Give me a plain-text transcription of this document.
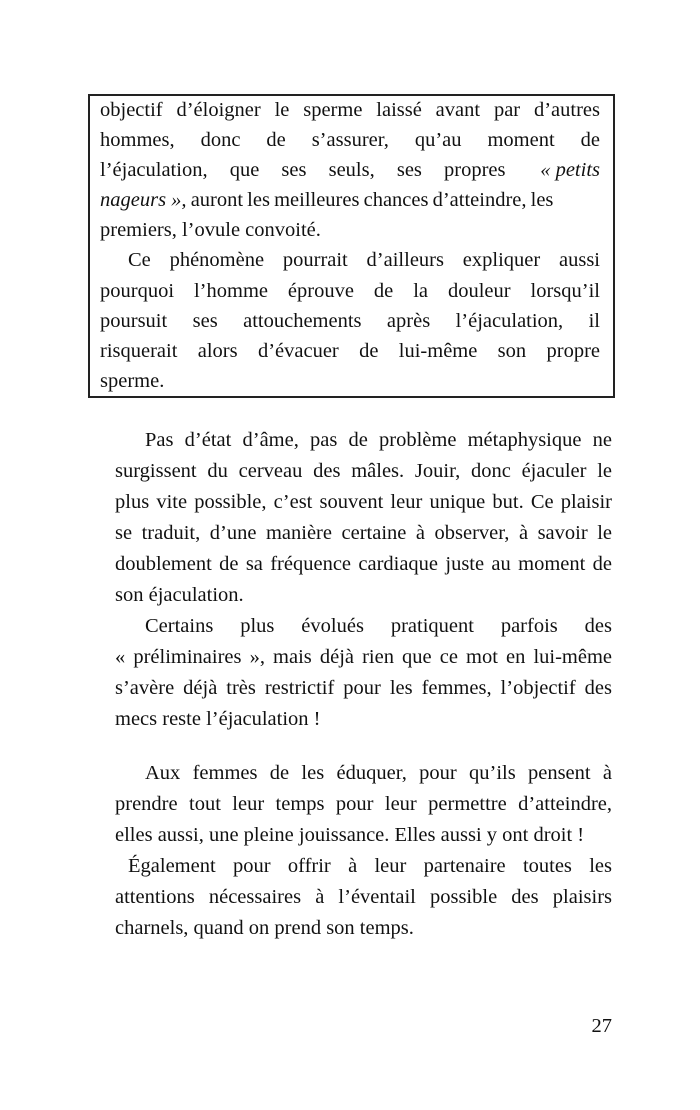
objectif d’éloigner le sperme laissé avant par d’autres
hommes, donc de s’assurer, qu’au moment de
l’éjaculation, que ses seuls, ses propres « petits
nageurs », auront les meilleures chances d’atteindre, les
premiers, l’ovule convoité.
Ce phénomène pourrait d’ailleurs expliquer aussi
pourquoi l’homme éprouve de la douleur lorsqu’il
poursuit ses attouchements après l’éjaculation, il
risquerait alors d’évacuer de lui-même son propre
sperme.
Pas d’état d’âme, pas de problème métaphysique ne
surgissent du cerveau des mâles. Jouir, donc éjaculer le
plus vite possible, c’est souvent leur unique but. Ce plaisir
se traduit, d’une manière certaine à observer, à savoir le
doublement de sa fréquence cardiaque juste au moment de
son éjaculation.
Certains plus évolués pratiquent parfois des
« préliminaires », mais déjà rien que ce mot en lui-même
s’avère déjà très restrictif pour les femmes, l’objectif des
mecs reste l’éjaculation !
Aux femmes de les éduquer, pour qu’ils pensent à
prendre tout leur temps pour leur permettre d’atteindre,
elles aussi, une pleine jouissance. Elles aussi y ont droit !
Également pour offrir à leur partenaire toutes les
attentions nécessaires à l’éventail possible des plaisirs
charnels, quand on prend son temps.
27
